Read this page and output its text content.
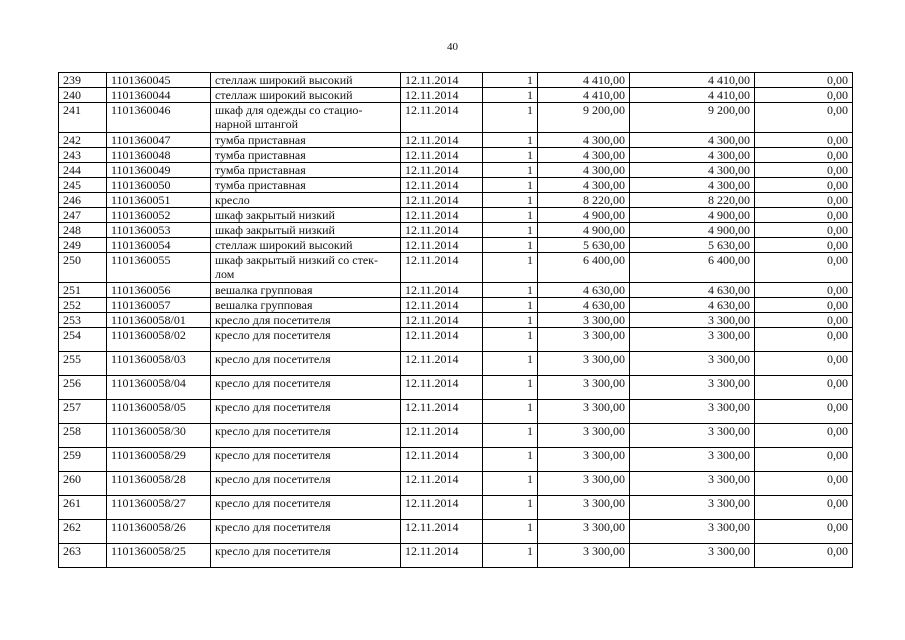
40
239	1101360045	стеллаж широкий высокий	12.11.2014	1	4 410,00	4 410,00	0,00
240	1101360044	стеллаж широкий высокий	12.11.2014	1	4 410,00	4 410,00	0,00
241	1101360046	шкаф для одежды со стацио-нарной штангой	12.11.2014	1	9 200,00	9 200,00	0,00
242	1101360047	тумба приставная	12.11.2014	1	4 300,00	4 300,00	0,00
243	1101360048	тумба приставная	12.11.2014	1	4 300,00	4 300,00	0,00
244	1101360049	тумба приставная	12.11.2014	1	4 300,00	4 300,00	0,00
245	1101360050	тумба приставная	12.11.2014	1	4 300,00	4 300,00	0,00
246	1101360051	кресло	12.11.2014	1	8 220,00	8 220,00	0,00
247	1101360052	шкаф закрытый низкий	12.11.2014	1	4 900,00	4 900,00	0,00
248	1101360053	шкаф закрытый низкий	12.11.2014	1	4 900,00	4 900,00	0,00
249	1101360054	стеллаж широкий высокий	12.11.2014	1	5 630,00	5 630,00	0,00
250	1101360055	шкаф закрытый низкий со стек-лом	12.11.2014	1	6 400,00	6 400,00	0,00
251	1101360056	вешалка групповая	12.11.2014	1	4 630,00	4 630,00	0,00
252	1101360057	вешалка групповая	12.11.2014	1	4 630,00	4 630,00	0,00
253	1101360058/01	кресло для посетителя	12.11.2014	1	3 300,00	3 300,00	0,00
254	1101360058/02	кресло для посетителя	12.11.2014	1	3 300,00	3 300,00	0,00
255	1101360058/03	кресло для посетителя	12.11.2014	1	3 300,00	3 300,00	0,00
256	1101360058/04	кресло для посетителя	12.11.2014	1	3 300,00	3 300,00	0,00
257	1101360058/05	кресло для посетителя	12.11.2014	1	3 300,00	3 300,00	0,00
258	1101360058/30	кресло для посетителя	12.11.2014	1	3 300,00	3 300,00	0,00
259	1101360058/29	кресло для посетителя	12.11.2014	1	3 300,00	3 300,00	0,00
260	1101360058/28	кресло для посетителя	12.11.2014	1	3 300,00	3 300,00	0,00
261	1101360058/27	кресло для посетителя	12.11.2014	1	3 300,00	3 300,00	0,00
262	1101360058/26	кресло для посетителя	12.11.2014	1	3 300,00	3 300,00	0,00
263	1101360058/25	кресло для посетителя	12.11.2014	1	3 300,00	3 300,00	0,00
